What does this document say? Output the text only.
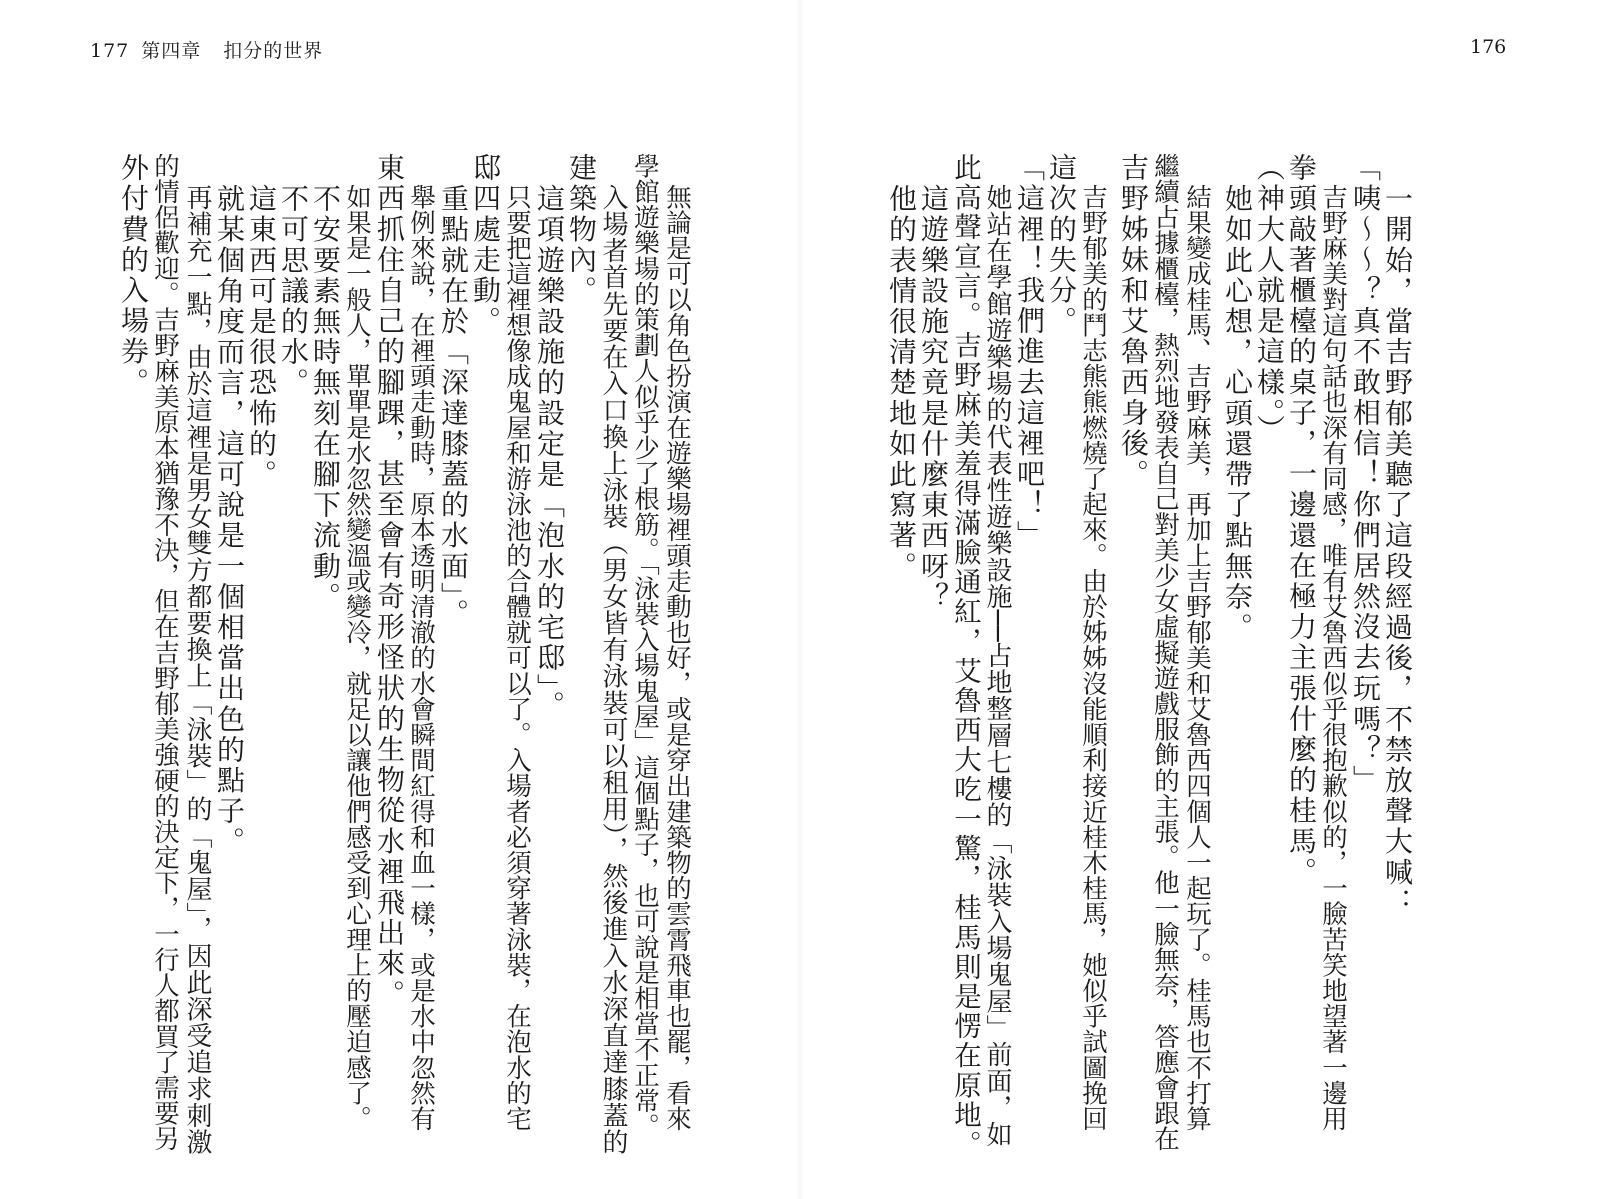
177 第四章 扣分的世界	176
一開始，當吉野郁美聽了這段經過後，不禁放聲大喊：
「咦～～？真不敢相信！你們居然沒去玩嗎？」
吉野麻美對這句話也深有同感，唯有艾魯西似乎很抱歉似的，一臉苦笑地望著一邊用
拳頭敲著櫃檯的桌子，一邊還在極力主張什麼的桂馬。
（神大人就是這樣。）
她如此心想，心頭還帶了點無奈。
結果變成桂馬、吉野麻美，再加上吉野郁美和艾魯西四個人一起玩了。桂馬也不打算
繼續占據櫃檯，熱烈地發表自己對美少女虛擬遊戲服飾的主張。他一臉無奈，答應會跟在
吉野姊妹和艾魯西身後。
吉野郁美的鬥志熊熊燃燒了起來。由於姊姊沒能順利接近桂木桂馬，她似乎試圖挽回
這次的失分。
「這裡！我們進去這裡吧！」
她站在學館遊樂場的代表性遊樂設施──占地整層七樓的「泳裝入場鬼屋」前面，如
此高聲宣言。吉野麻美羞得滿臉通紅，艾魯西大吃一驚，桂馬則是愣在原地。
這遊樂設施究竟是什麼東西呀？
他的表情很清楚地如此寫著。
無論是可以角色扮演在遊樂場裡頭走動也好，或是穿出建築物的雲霄飛車也罷，看來
學館遊樂場的策劃人似乎少了根筋。「泳裝入場鬼屋」這個點子，也可說是相當不正常。
入場者首先要在入口換上泳裝（男女皆有泳裝可以租用），然後進入水深直達膝蓋的
建築物內。
這項遊樂設施的設定是「泡水的宅邸」。
只要把這裡想像成鬼屋和游泳池的合體就可以了。入場者必須穿著泳裝，在泡水的宅
邸四處走動。
重點就在於「深達膝蓋的水面」。
舉例來說，在裡頭走動時，原本透明清澈的水會瞬間紅得和血一樣，或是水中忽然有
東西抓住自己的腳踝，甚至會有奇形怪狀的生物從水裡飛出來。
如果是一般人，單單是水忽然變溫或變冷，就足以讓他們感受到心理上的壓迫感了。
不安要素無時無刻在腳下流動。
不可思議的水。
這東西可是很恐怖的。
就某個角度而言，這可說是一個相當出色的點子。
再補充一點，由於這裡是男女雙方都要換上「泳裝」的「鬼屋」，因此深受追求刺激
的情侶歡迎。吉野麻美原本猶豫不決，但在吉野郁美強硬的決定下，一行人都買了需要另
外付費的入場券。
